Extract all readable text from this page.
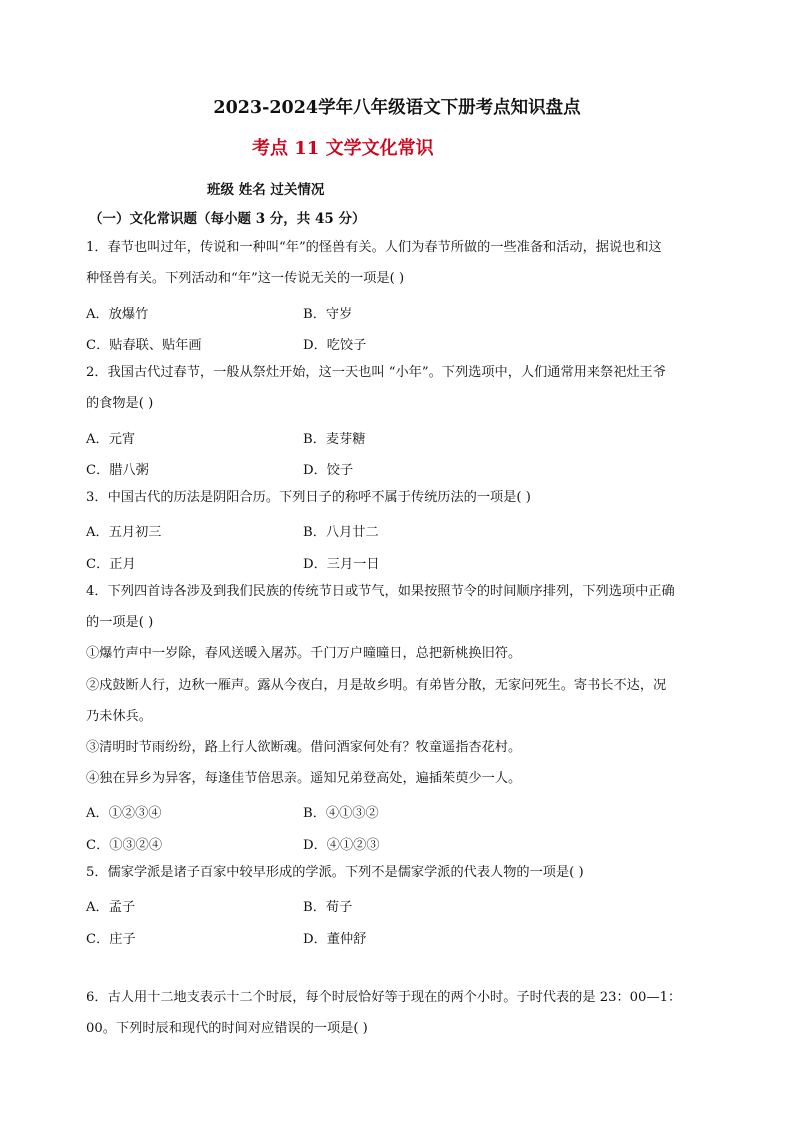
2023-2024学年八年级语文下册考点知识盘点
考点 11 文学文化常识
班级 姓名 过关情况
（一）文化常识题（每小题 3 分，共 45 分）
1．春节也叫过年，传说和一种叫“年”的怪兽有关。人们为春节所做的一些准备和活动，据说也和这
种怪兽有关。下列活动和“年”这一传说无关的一项是( )
A．放爆竹	B．守岁
C．贴春联、贴年画	D．吃饺子
2．我国古代过春节，一般从祭灶开始，这一天也叫 “小年”。下列选项中，人们通常用来祭祀灶王爷
的食物是( )
A．元宵	B．麦芽糖
C．腊八粥	D．饺子
3．中国古代的历法是阴阳合历。下列日子的称呼不属于传统历法的一项是( )
A．五月初三	B．八月廿二
C．正月	D．三月一日
4．下列四首诗各涉及到我们民族的传统节日或节气，如果按照节令的时间顺序排列，下列选项中正确
的一项是( )
①爆竹声中一岁除，春风送暖入屠苏。千门万户曈曈日，总把新桃换旧符。
②戍鼓断人行，边秋一雁声。露从今夜白，月是故乡明。有弟皆分散，无家问死生。寄书长不达，况
乃未休兵。
③清明时节雨纷纷，路上行人欲断魂。借问酒家何处有？牧童遥指杏花村。
④独在异乡为异客，每逢佳节倍思亲。遥知兄弟登高处，遍插茱萸少一人。
A．①②③④	B．④①③②
C．①③②④	D．④①②③
5．儒家学派是诸子百家中较早形成的学派。下列不是儒家学派的代表人物的一项是( )
A．孟子	B．荀子
C．庄子	D．董仲舒
6．古人用十二地支表示十二个时辰，每个时辰恰好等于现在的两个小时。子时代表的是 23：00—1：
00。下列时辰和现代的时间对应错误的一项是( )
